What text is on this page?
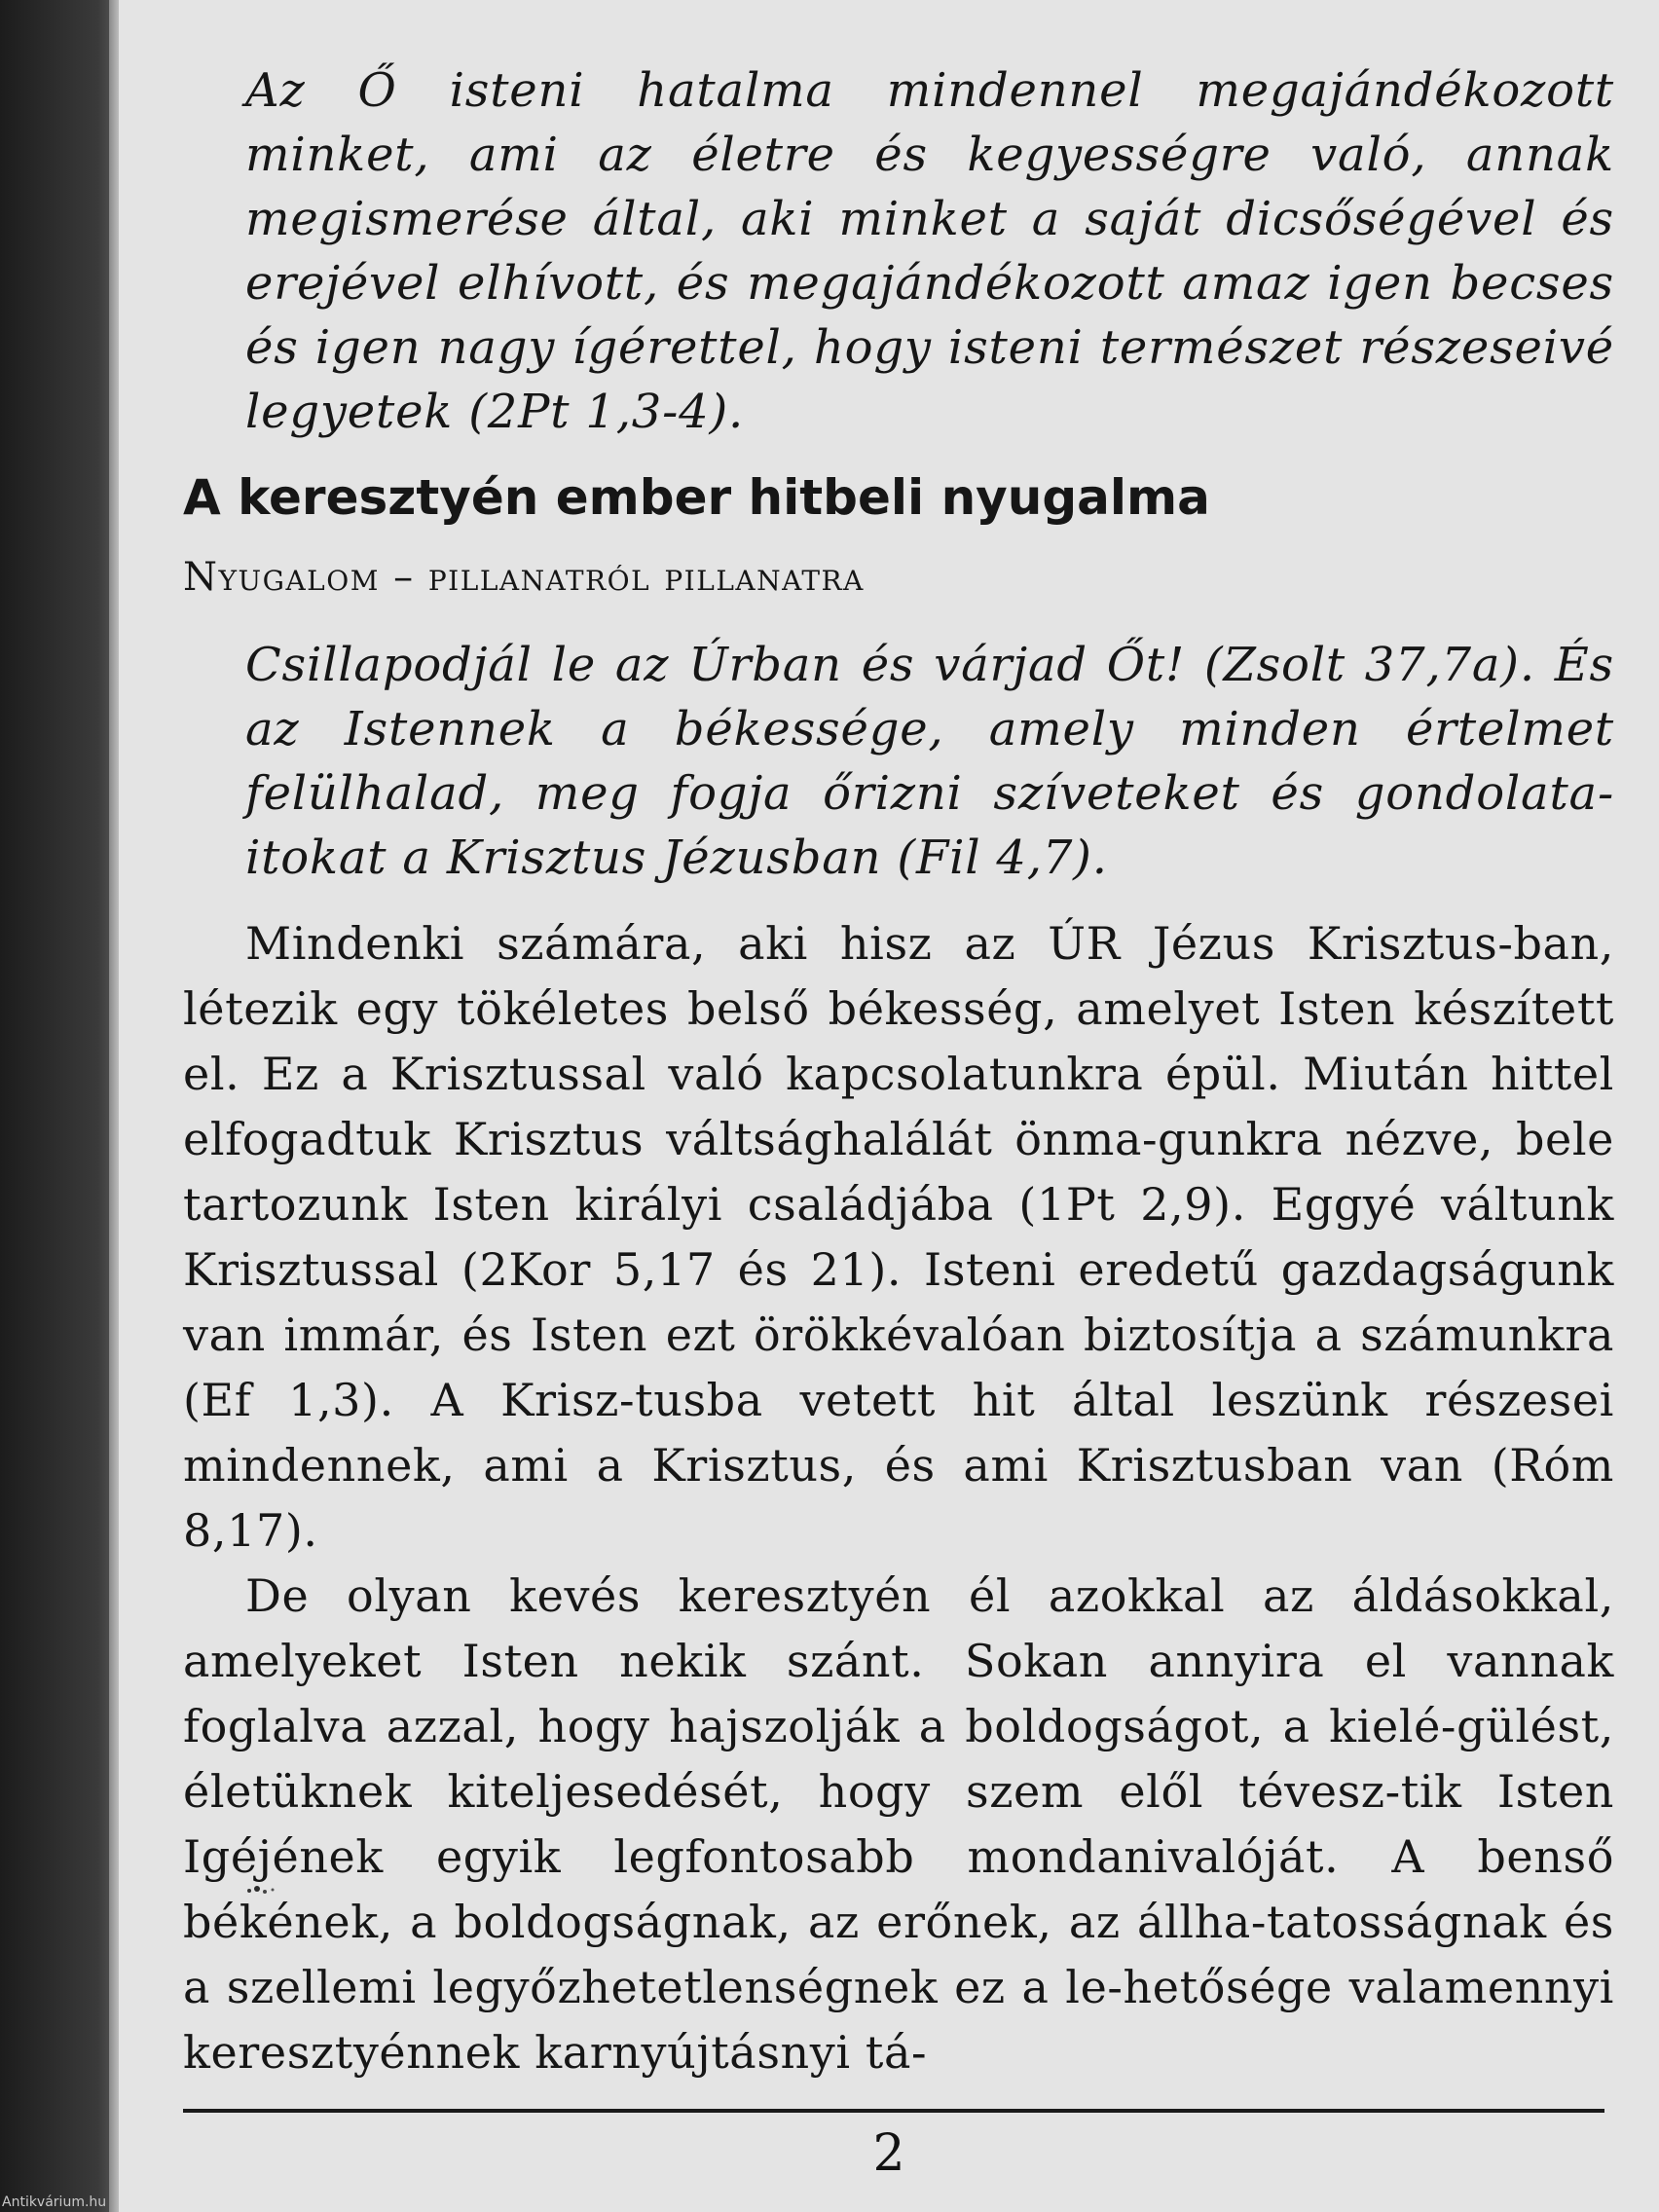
Az Ő isteni hatalma mindennel megajándékozott minket, ami az életre és kegyességre való, annak megismerése által, aki minket a saját dicsőségével és erejével elhívott, és megajándékozott amaz igen becses és igen nagy ígérettel, hogy isteni természet részeseivé legyetek (2Pt 1,3-4).

A keresztyén ember hitbeli nyugalma
Nyugalom – pillanatról pillanatra

Csillapodjál le az Úrban és várjad Őt! (Zsolt 37,7a). És az Istennek a békessége, amely minden értelmet felülhalad, meg fogja őrizni szíveteket és gondolata-itokat a Krisztus Jézusban (Fil 4,7).

Mindenki számára, aki hisz az ÚR Jézus Krisztus-ban, létezik egy tökéletes belső békesség, amelyet Isten készített el. Ez a Krisztussal való kapcsolatunkra épül. Miután hittel elfogadtuk Krisztus váltsághalálát önma-gunkra nézve, bele tartozunk Isten királyi családjába (1Pt 2,9). Eggyé váltunk Krisztussal (2Kor 5,17 és 21). Isteni eredetű gazdagságunk van immár, és Isten ezt örökkévalóan biztosítja a számunkra (Ef 1,3). A Krisz-tusba vetett hit által leszünk részesei mindennek, ami a Krisztus, és ami Krisztusban van (Róm 8,17).

De olyan kevés keresztyén él azokkal az áldásokkal, amelyeket Isten nekik szánt. Sokan annyira el vannak foglalva azzal, hogy hajszolják a boldogságot, a kielé-gülést, életüknek kiteljesedését, hogy szem elől tévesz-tik Isten Igéjének egyik legfontosabb mondanivalóját. A benső békének, a boldogságnak, az erőnek, az állha-tatosságnak és a szellemi legyőzhetetlenségnek ez a le-hetősége valamennyi keresztyénnek karnyújtásnyi tá-

2
Antikvárium.hu
